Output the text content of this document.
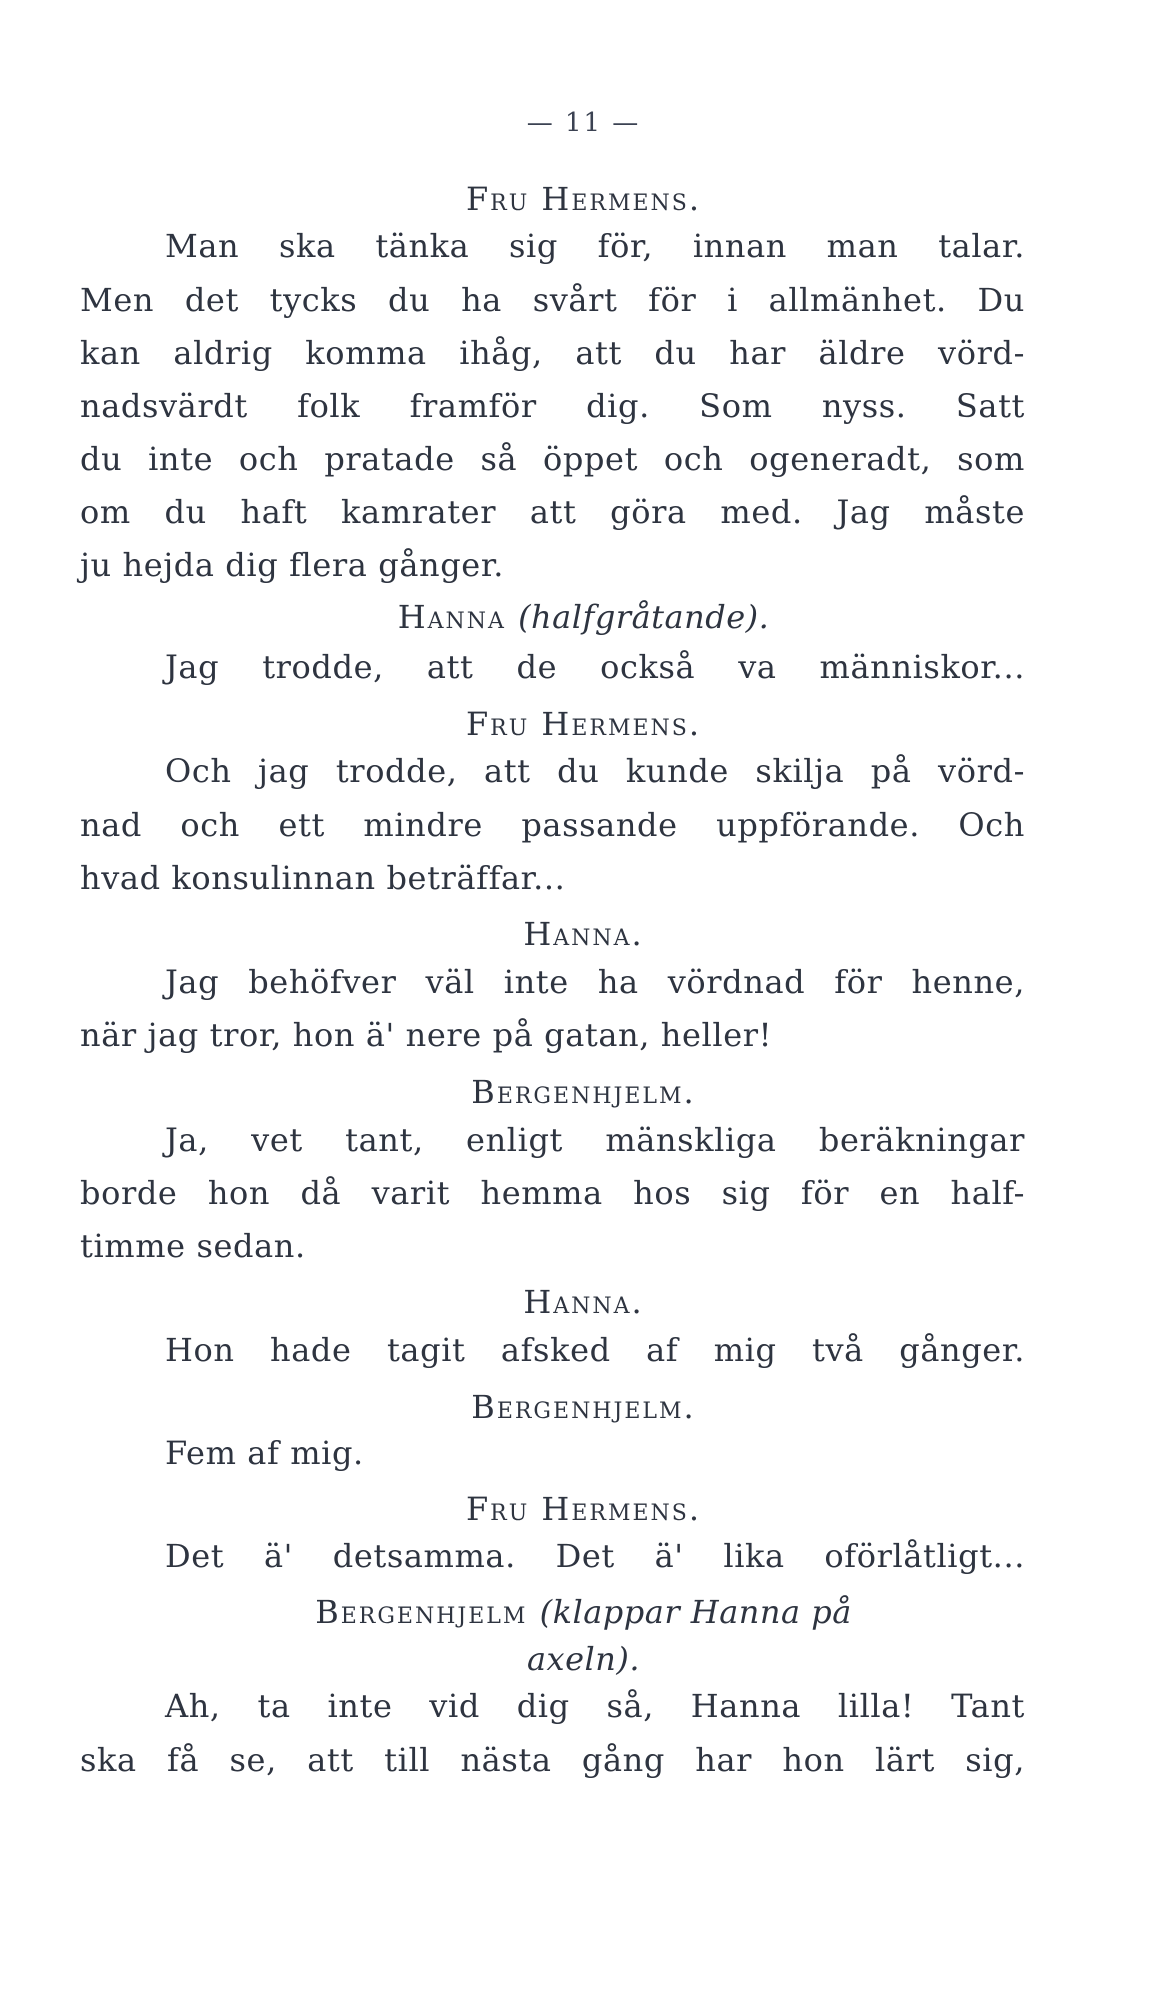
— 11 —
Fru Hermens.
Man ska tänka sig för, innan man talar.
Men det tycks du ha svårt för i allmänhet. Du
kan aldrig komma ihåg, att du har äldre vörd-
nadsvärdt folk framför dig. Som nyss. Satt
du inte och pratade så öppet och ogeneradt, som
om du haft kamrater att göra med. Jag måste
ju hejda dig flera gånger.
Hanna (halfgråtande).
Jag trodde, att de också va människor...
Fru Hermens.
Och jag trodde, att du kunde skilja på vörd-
nad och ett mindre passande uppförande. Och
hvad konsulinnan beträffar...
Hanna.
Jag behöfver väl inte ha vördnad för henne,
när jag tror, hon ä' nere på gatan, heller!
Bergenhjelm.
Ja, vet tant, enligt mänskliga beräkningar
borde hon då varit hemma hos sig för en half-
timme sedan.
Hanna.
Hon hade tagit afsked af mig två gånger.
Bergenhjelm.
Fem af mig.
Fru Hermens.
Det ä' detsamma. Det ä' lika oförlåtligt...
Bergenhjelm (klappar Hanna på
axeln).
Ah, ta inte vid dig så, Hanna lilla! Tant
ska få se, att till nästa gång har hon lärt sig,
